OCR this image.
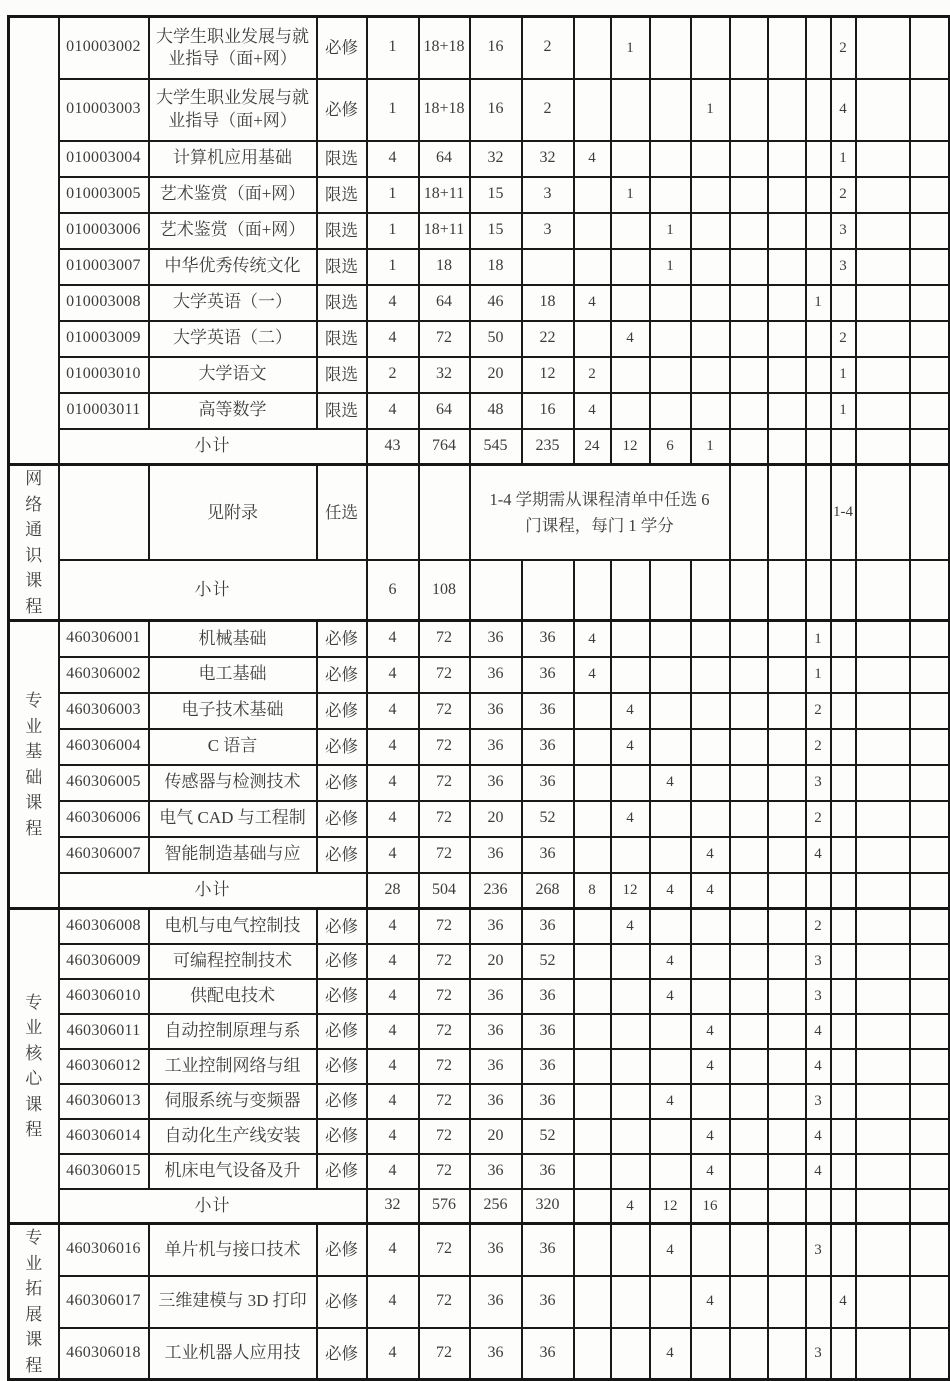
	010003002	大学生职业发展与就业指导（面+网）	必修	1	18+18	16	2		1						2		
	010003003	大学生职业发展与就业指导（面+网）	必修	1	18+18	16	2				1				4		
	010003004	计算机应用基础	限选	4	64	32	32	4							1		
	010003005	艺术鉴赏（面+网）	限选	1	18+11	15	3		1						2		
	010003006	艺术鉴赏（面+网）	限选	1	18+11	15	3			1					3		
	010003007	中华优秀传统文化	限选	1	18	18				1					3		
	010003008	大学英语（一）	限选	4	64	46	18	4						1			
	010003009	大学英语（二）	限选	4	72	50	22		4						2		
	010003010	大学语文	限选	2	32	20	12	2							1		
	010003011	高等数学	限选	4	64	48	16	4							1		
	小计			43	764	545	235	24	12	6	1						
网络通识课程		见附录	任选			1-4 学期需从课程清单中任选 6 门课程，每门 1 学分									1-4		
	小计			6	108												
专业基础课程	460306001	机械基础	必修	4	72	36	36	4						1			
	460306002	电工基础	必修	4	72	36	36	4						1			
	460306003	电子技术基础	必修	4	72	36	36		4					2			
	460306004	C 语言	必修	4	72	36	36		4					2			
	460306005	传感器与检测技术	必修	4	72	36	36			4				3			
	460306006	电气 CAD 与工程制	必修	4	72	20	52		4					2			
	460306007	智能制造基础与应	必修	4	72	36	36				4			4			
	小计			28	504	236	268	8	12	4	4						
专业核心课程	460306008	电机与电气控制技	必修	4	72	36	36		4					2			
	460306009	可编程控制技术	必修	4	72	20	52			4				3			
	460306010	供配电技术	必修	4	72	36	36			4				3			
	460306011	自动控制原理与系	必修	4	72	36	36				4			4			
	460306012	工业控制网络与组	必修	4	72	36	36				4			4			
	460306013	伺服系统与变频器	必修	4	72	36	36			4				3			
	460306014	自动化生产线安装	必修	4	72	20	52				4			4			
	460306015	机床电气设备及升	必修	4	72	36	36				4			4			
	小计			32	576	256	320		4	12	16						
专业拓展课程	460306016	单片机与接口技术	必修	4	72	36	36			4				3			
	460306017	三维建模与 3D 打印	必修	4	72	36	36				4				4		
	460306018	工业机器人应用技	必修	4	72	36	36			4				3			
